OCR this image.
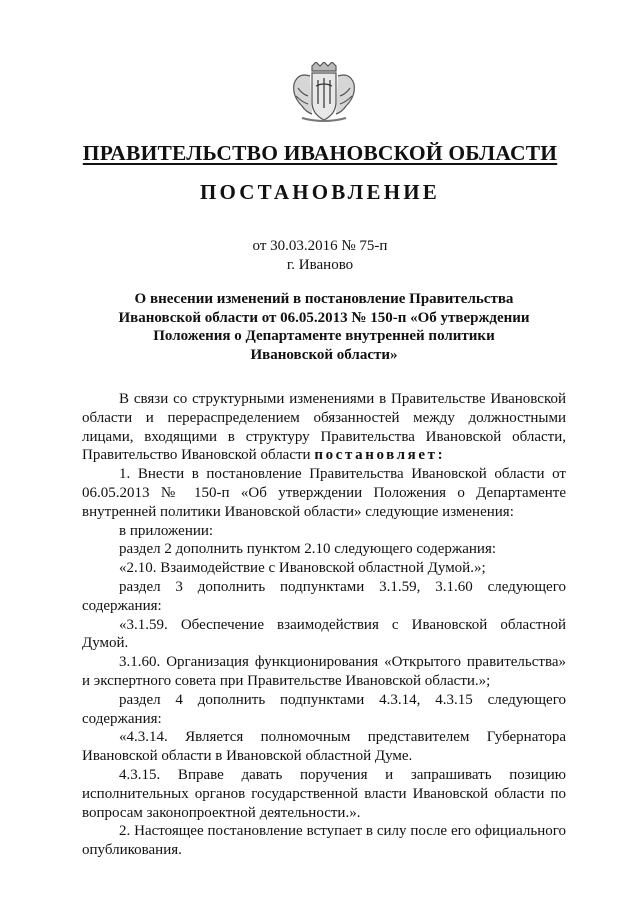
ПРАВИТЕЛЬСТВО ИВАНОВСКОЙ ОБЛАСТИ
ПОСТАНОВЛЕНИЕ
от 30.03.2016 № 75-п
г. Иваново
О внесении изменений в постановление Правительства
Ивановской области от 06.05.2013 № 150-п «Об утверждении
Положения о Департаменте внутренней политики
Ивановской области»

В связи со структурными изменениями в Правительстве Ивановской области и перераспределением обязанностей между должностными лицами, входящими в структуру Правительства Ивановской области, Правительство Ивановской области постановляет:

1. Внести в постановление Правительства Ивановской области от 06.05.2013 № 150-п «Об утверждении Положения о Департаменте внутренней политики Ивановской области» следующие изменения:

в приложении:

раздел 2 дополнить пунктом 2.10 следующего содержания:

«2.10. Взаимодействие с Ивановской областной Думой.»;

раздел 3 дополнить подпунктами 3.1.59, 3.1.60 следующего содержания:

«3.1.59. Обеспечение взаимодействия с Ивановской областной Думой.

3.1.60. Организация функционирования «Открытого правительства» и экспертного совета при Правительстве Ивановской области.»;

раздел 4 дополнить подпунктами 4.3.14, 4.3.15 следующего содержания:

«4.3.14. Является полномочным представителем Губернатора Ивановской области в Ивановской областной Думе.

4.3.15. Вправе давать поручения и запрашивать позицию исполнительных органов государственной власти Ивановской области по вопросам законопроектной деятельности.».

2. Настоящее постановление вступает в силу после его официального опубликования.
